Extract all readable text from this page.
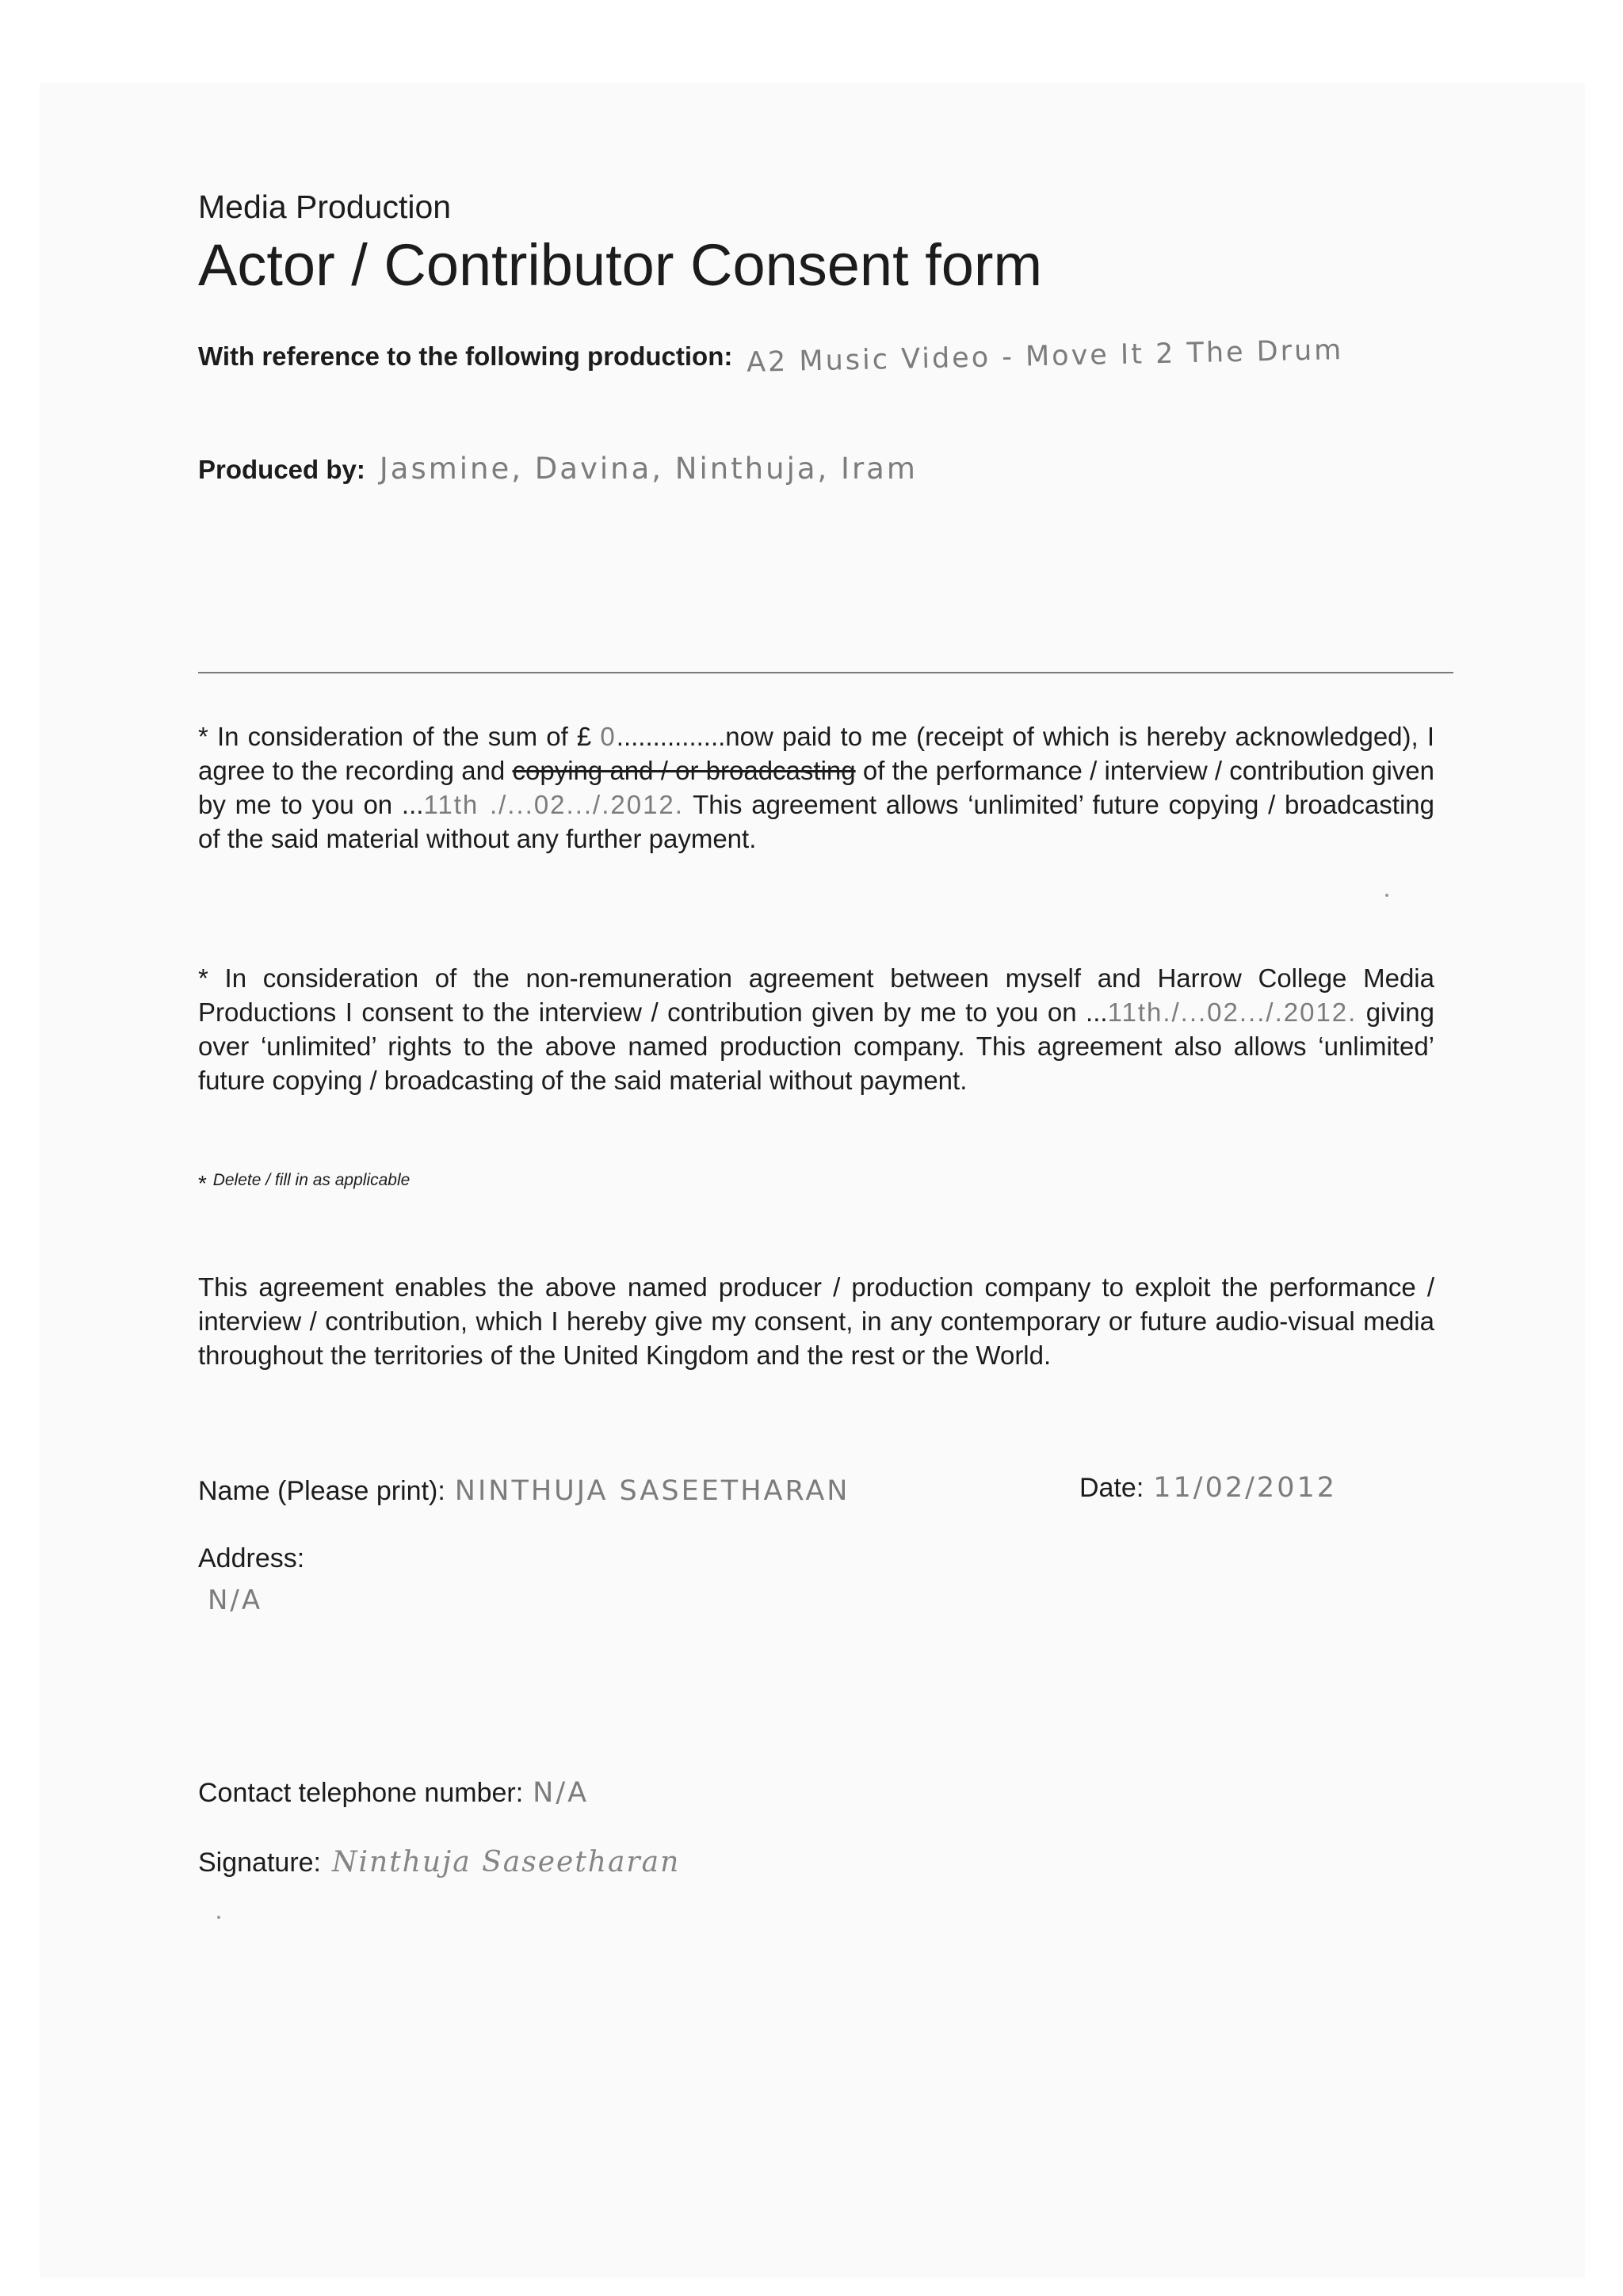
Media Production
Actor / Contributor Consent form
With reference to the following production: A2 Music Video - Move It 2 The Drum
Produced by: Jasmine, Davina, Ninthuja, Iram
* In consideration of the sum of £ 0...............now paid to me (receipt of which is hereby acknowledged), I agree to the recording and copying and / or broadcasting of the performance / interview / contribution given by me to you on ...11th ./...02.../.2012. This agreement allows ‘unlimited’ future copying / broadcasting of the said material without any further payment.
* In consideration of the non-remuneration agreement between myself and Harrow College Media Productions I consent to the interview / contribution given by me to you on ...11th./...02.../.2012. giving over ‘unlimited’ rights to the above named production company. This agreement also allows ‘unlimited’ future copying / broadcasting of the said material without payment.
* Delete / fill in as applicable
This agreement enables the above named producer / production company to exploit the performance / interview / contribution, which I hereby give my consent, in any contemporary or future audio-visual media throughout the territories of the United Kingdom and the rest or the World.
Name (Please print): NINTHUJA SASEETHARAN	Date: 11/02/2012
Address:
N/A
Contact telephone number: N/A
Signature: Ninthuja Saseetharan
